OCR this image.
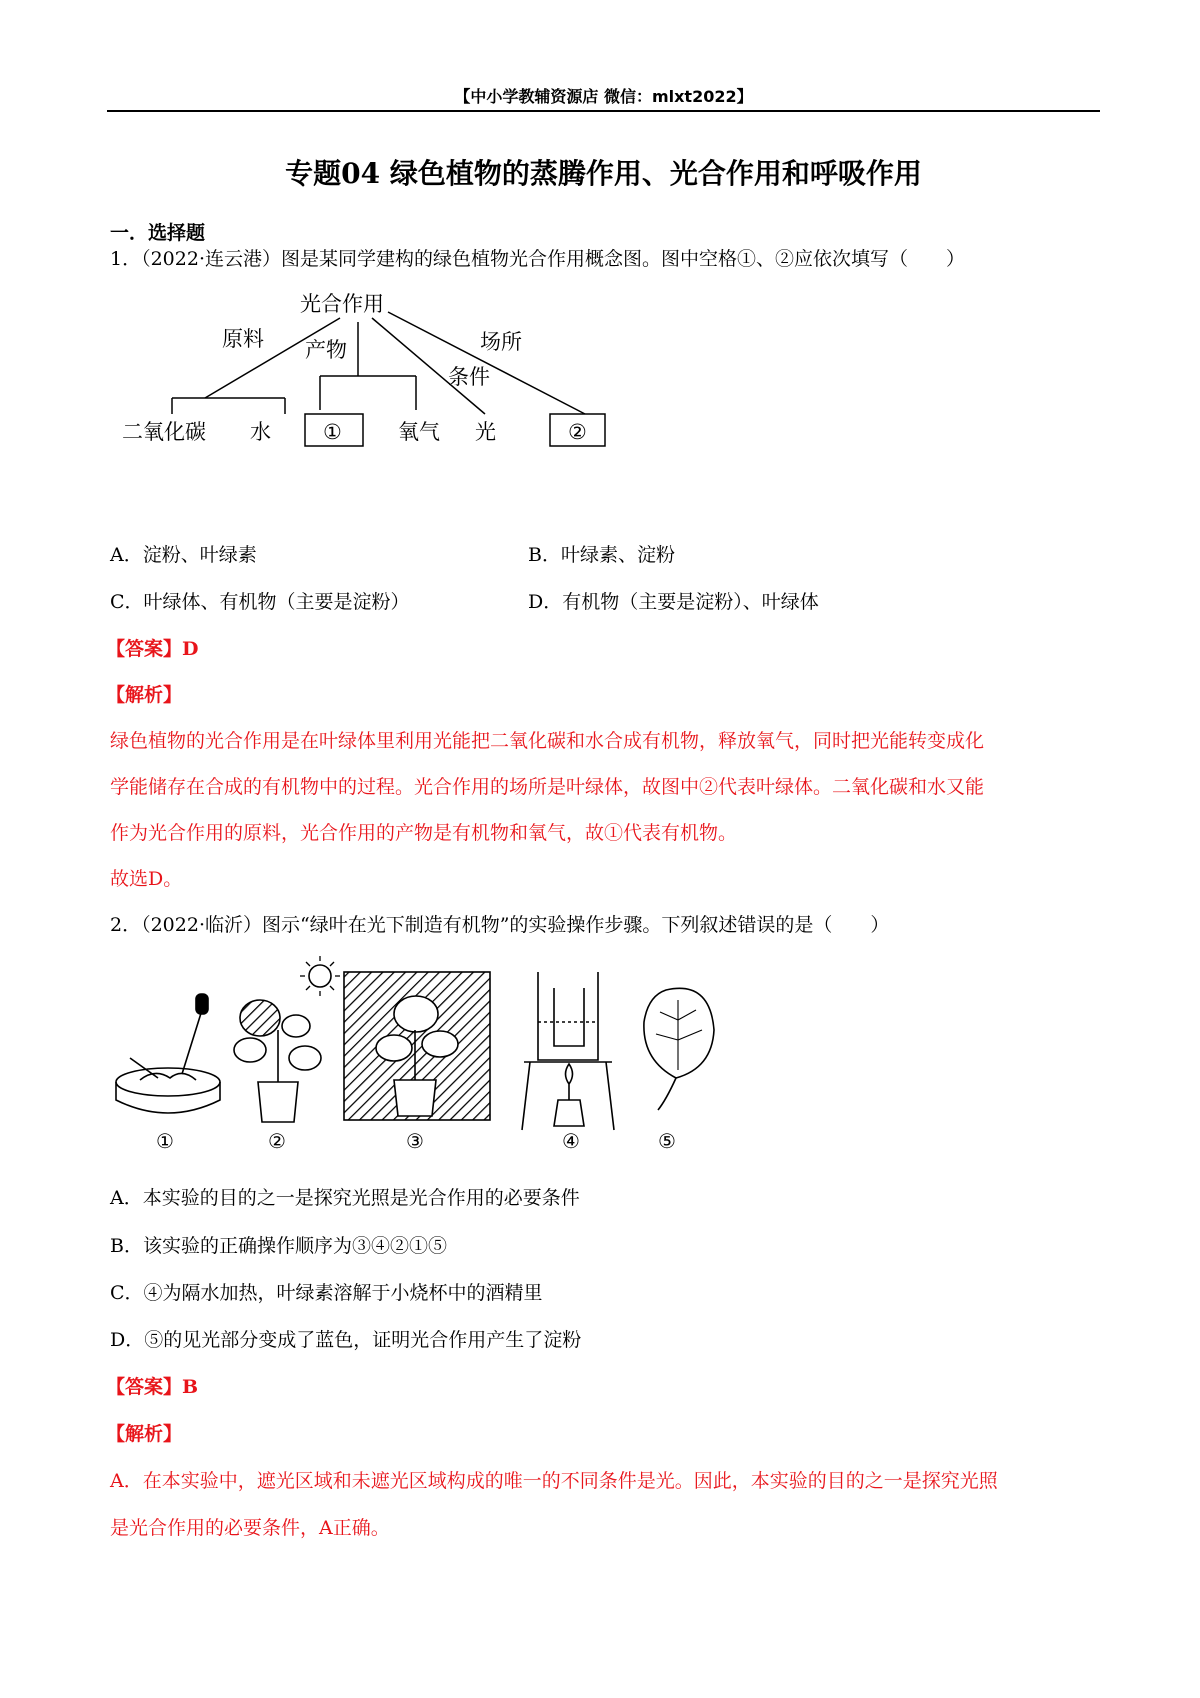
【中小学教辅资源店 微信：mlxt2022】
专题04 绿色植物的蒸腾作用、光合作用和呼吸作用
一．选择题
1．（2022·连云港）图是某同学建构的绿色植物光合作用概念图。图中空格①、②应依次填写（　　）
光合作用
原料 产物	场所
条件
二氧化碳 水 ①	氧气 光	②
A．淀粉、叶绿素	B．叶绿素、淀粉
C．叶绿体、有机物（主要是淀粉）	D．有机物（主要是淀粉）、叶绿体
【答案】D
【解析】
绿色植物的光合作用是在叶绿体里利用光能把二氧化碳和水合成有机物，释放氧气，同时把光能转变成化
学能储存在合成的有机物中的过程。光合作用的场所是叶绿体，故图中②代表叶绿体。二氧化碳和水又能
作为光合作用的原料，光合作用的产物是有机物和氧气，故①代表有机物。
故选D。
2．（2022·临沂）图示“绿叶在光下制造有机物”的实验操作步骤。下列叙述错误的是（　　）
①	②	③	④	⑤
A．本实验的目的之一是探究光照是光合作用的必要条件
B．该实验的正确操作顺序为③④②①⑤
C．④为隔水加热，叶绿素溶解于小烧杯中的酒精里
D．⑤的见光部分变成了蓝色，证明光合作用产生了淀粉
【答案】B
【解析】
A．在本实验中，遮光区域和未遮光区域构成的唯一的不同条件是光。因此，本实验的目的之一是探究光照
是光合作用的必要条件，A正确。
